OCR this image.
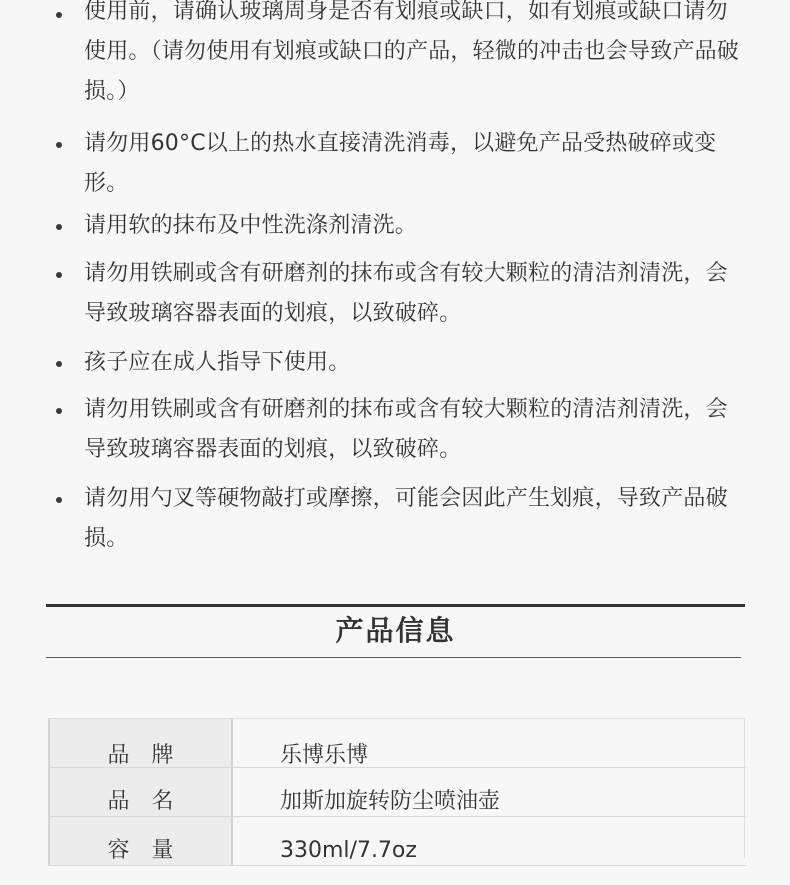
使用前，请确认玻璃周身是否有划痕或缺口，如有划痕或缺口请勿使用。（请勿使用有划痕或缺口的产品，轻微的冲击也会导致产品破损。）
请勿用60°C以上的热水直接清洗消毒，以避免产品受热破碎或变形。
请用软的抹布及中性洗涤剂清洗。
请勿用铁刷或含有研磨剂的抹布或含有较大颗粒的清洁剂清洗，会导致玻璃容器表面的划痕，以致破碎。
孩子应在成人指导下使用。
请勿用铁刷或含有研磨剂的抹布或含有较大颗粒的清洁剂清洗，会导致玻璃容器表面的划痕，以致破碎。
请勿用勺叉等硬物敲打或摩擦，可能会因此产生划痕，导致产品破损。
产品信息
品　牌	乐博乐博
品　名	加斯加旋转防尘喷油壶
容　量	330ml/7.7oz
